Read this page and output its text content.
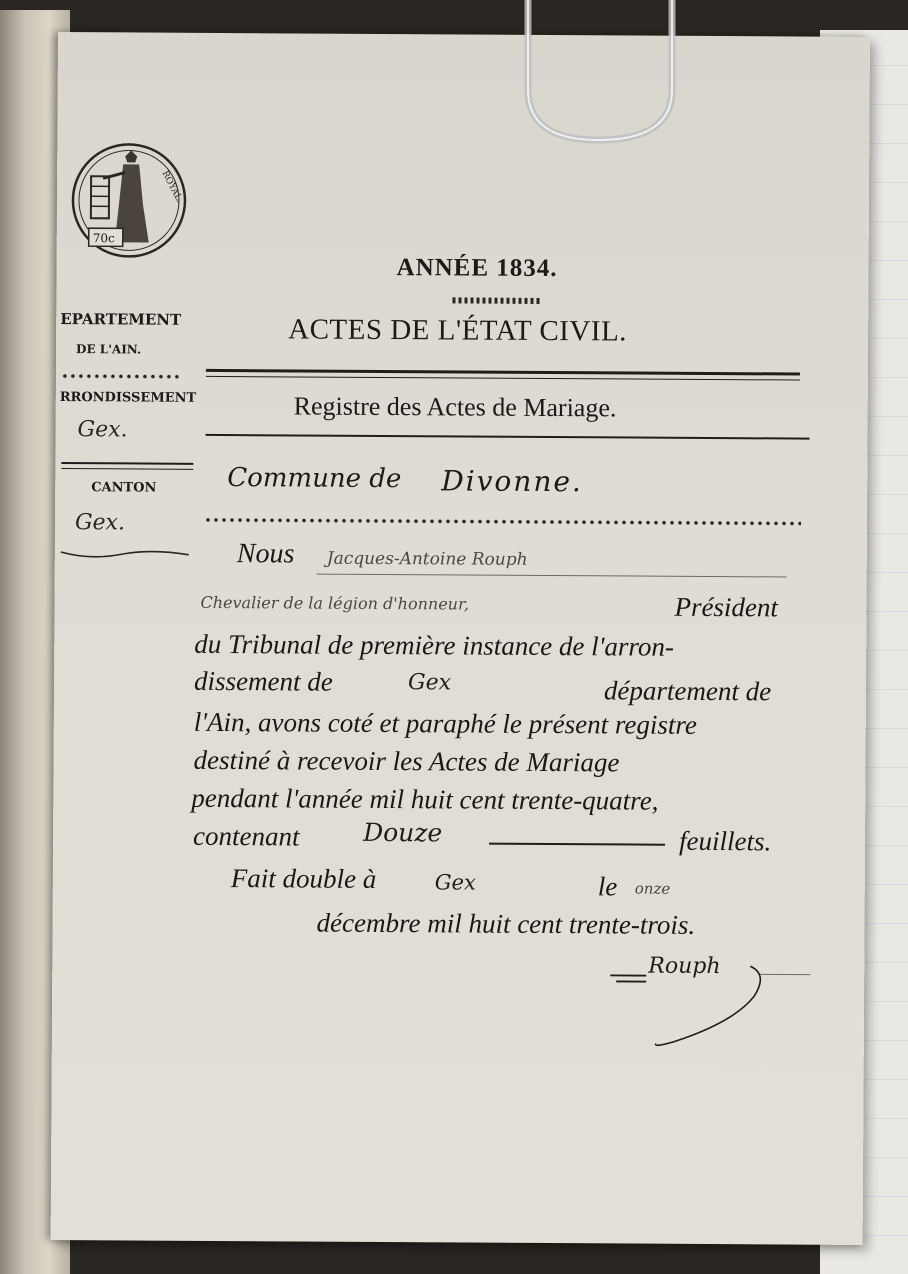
ROYAL.
70c
EPARTEMENT
DE L'AIN.
RRONDISSEMENT
Gex.
CANTON
Gex.
ANNÉE 1834.
ACTES DE L'ÉTAT CIVIL.
Registre des Actes de Mariage.
Commune de Divonne.
Nous Jacques-Antoine Rouph
Chevalier de la légion d'honneur,	Président
du Tribunal de première instance de l'arron-
dissement de	Gex	département de
l'Ain, avons coté et paraphé le présent registre
destiné à recevoir les Actes de Mariage
pendant l'année mil huit cent trente-quatre,
contenant	Douze	feuillets.
Fait double à	Gex	le onze
décembre mil huit cent trente-trois.
Rouph
